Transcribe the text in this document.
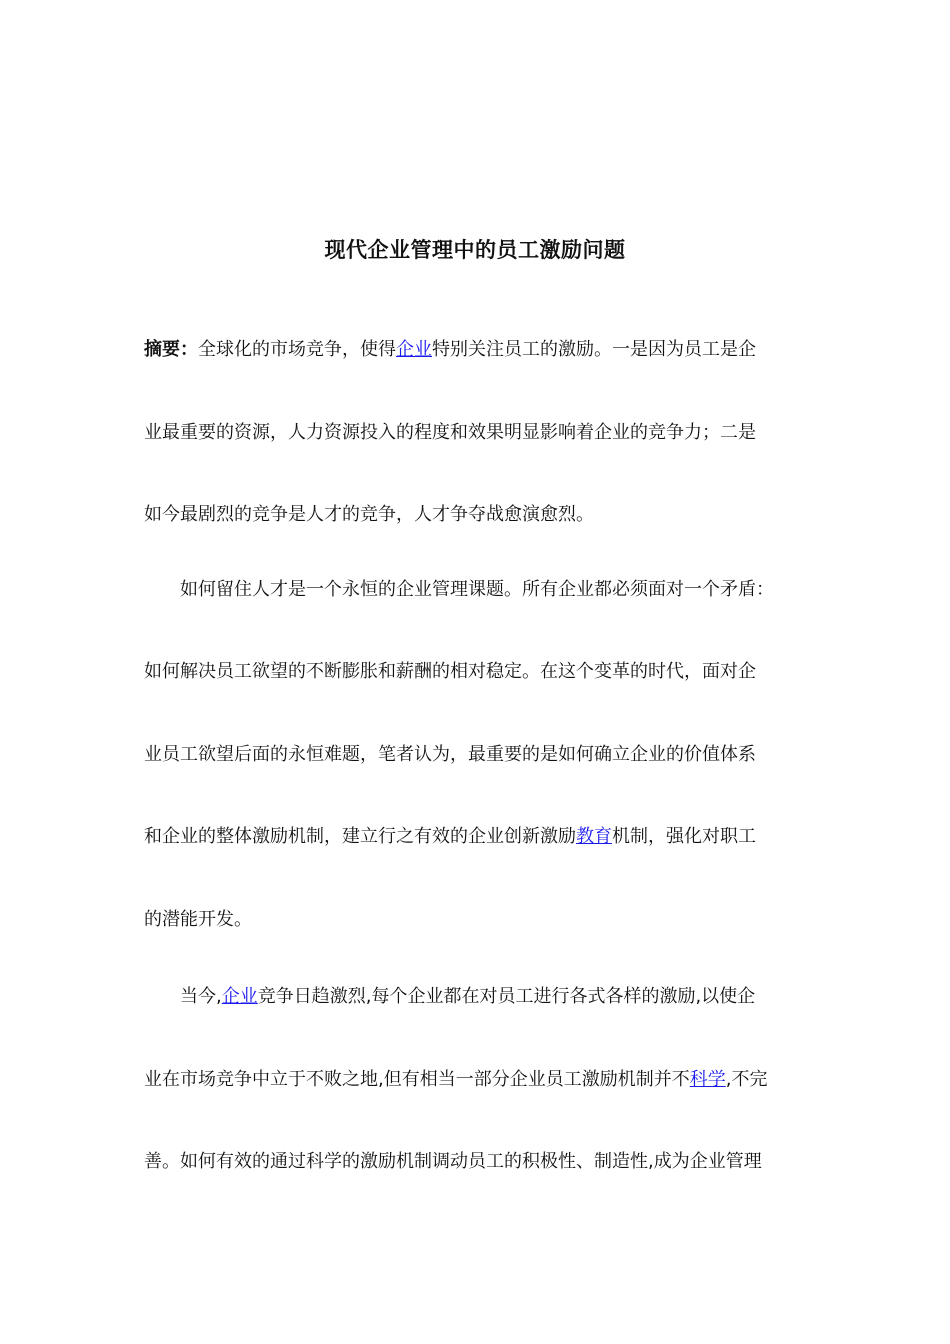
现代企业管理中的员工激励问题
摘要：全球化的市场竞争，使得企业特别关注员工的激励。一是因为员工是企
业最重要的资源，人力资源投入的程度和效果明显影响着企业的竞争力；二是
如今最剧烈的竞争是人才的竞争，人才争夺战愈演愈烈。
如何留住人才是一个永恒的企业管理课题。所有企业都必须面对一个矛盾：
如何解决员工欲望的不断膨胀和薪酬的相对稳定。在这个变革的时代，面对企
业员工欲望后面的永恒难题，笔者认为，最重要的是如何确立企业的价值体系
和企业的整体激励机制，建立行之有效的企业创新激励教育机制，强化对职工
的潜能开发。
当今,企业竞争日趋激烈,每个企业都在对员工进行各式各样的激励,以使企
业在市场竞争中立于不败之地,但有相当一部分企业员工激励机制并不科学,不完
善。如何有效的通过科学的激励机制调动员工的积极性、制造性,成为企业管理
